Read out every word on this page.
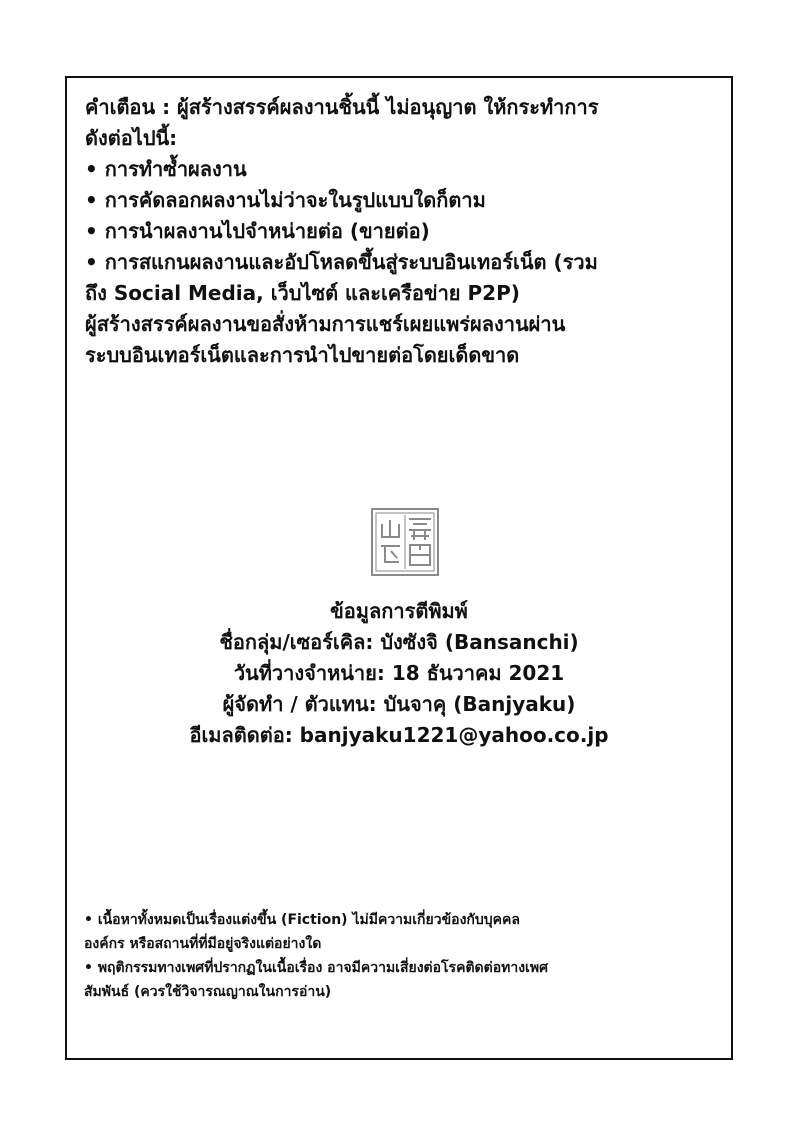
คำเตือน : ผู้สร้างสรรค์ผลงานชิ้นนี้ ไม่อนุญาต ให้กระทำการ

ดังต่อไปนี้:

• การทำซ้ำผลงาน

• การคัดลอกผลงานไม่ว่าจะในรูปแบบใดก็ตาม

• การนำผลงานไปจำหน่ายต่อ (ขายต่อ)

• การสแกนผลงานและอัปโหลดขึ้นสู่ระบบอินเทอร์เน็ต (รวม

ถึง Social Media, เว็บไซต์ และเครือข่าย P2P)

ผู้สร้างสรรค์ผลงานขอสั่งห้ามการแชร์เผยแพร่ผลงานผ่าน

ระบบอินเทอร์เน็ตและการนำไปขายต่อโดยเด็ดขาด

ข้อมูลการตีพิมพ์

ชื่อกลุ่ม/เซอร์เคิล: บังซังจิ (Bansanchi)

วันที่วางจำหน่าย: 18 ธันวาคม 2021

ผู้จัดทำ / ตัวแทน: บันจาคุ (Banjyaku)

อีเมลติดต่อ: banjyaku1221@yahoo.co.jp

• เนื้อหาทั้งหมดเป็นเรื่องแต่งขึ้น (Fiction) ไม่มีความเกี่ยวข้องกับบุคคล

องค์กร หรือสถานที่ที่มีอยู่จริงแต่อย่างใด

• พฤติกรรมทางเพศที่ปรากฏในเนื้อเรื่อง อาจมีความเสี่ยงต่อโรคติดต่อทางเพศ

สัมพันธ์ (ควรใช้วิจารณญาณในการอ่าน)
